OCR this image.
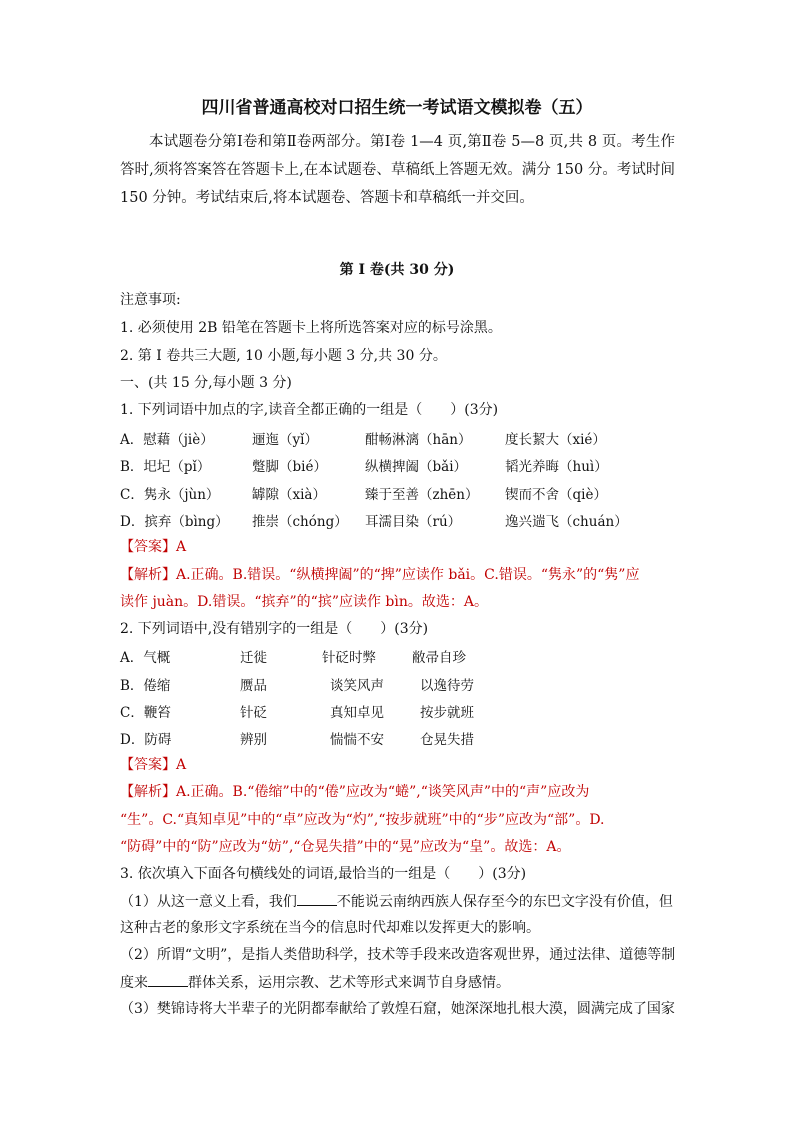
四川省普通高校对口招生统一考试语文模拟卷（五）
本试题卷分第Ⅰ卷和第Ⅱ卷两部分。第Ⅰ卷 1—4 页,第Ⅱ卷 5—8 页,共 8 页。考生作答时,须将答案答在答题卡上,在本试题卷、草稿纸上答题无效。满分 150 分。考试时间 150 分钟。考试结束后,将本试题卷、答题卡和草稿纸一并交回。
第 Ⅰ 卷(共 30 分)
注意事项:
1. 必须使用 2B 铅笔在答题卡上将所选答案对应的标号涂黑。
2. 第 Ⅰ 卷共三大题, 10 小题,每小题 3 分,共 30 分。
一、(共 15 分,每小题 3 分)
1. 下列词语中加点的字,读音全都正确的一组是（　　）(3分)
A．慰藉（jiè）	逦迤（yǐ）	酣畅淋漓（hān） 度长絜大（xié）
B．圯圮（pǐ）	蹩脚（bié）	纵横捭阖（bǎi）	韬光养晦（huì）
C．隽永（jùn） 罅隙（xià）	臻于至善（zhēn） 锲而不舍（qiè）
D．摈弃（bìng） 推崇（chóng） 耳濡目染（rú）	逸兴遄飞（chuán）
【答案】A
【解析】A.正确。B.错误。“纵横捭阖”的“捭”应读作 bǎi。C.错误。“隽永”的“隽”应
读作 juàn。D.错误。“摈弃”的“摈”应读作 bìn。故选：A。
2. 下列词语中,没有错别字的一组是（　　）(3分)
A．气概	迁徙	针砭时弊	敝帚自珍
B．倦缩	赝品	谈笑风声	以逸待劳
C．鞭笞	针砭	真知卓见	按步就班
D．防碍	辨别	惴惴不安	仓晃失措
【答案】A
【解析】A.正确。B.“倦缩”中的“倦”应改为“蜷”,“谈笑风声”中的“声”应改为
“生”。C.“真知卓见”中的“卓”应改为“灼”,“按步就班”中的“步”应改为“部”。D.
“防碍”中的“防”应改为“妨”,“仓晃失措”中的“晃”应改为“皇”。故选：A。
3. 依次填入下面各句横线处的词语,最恰当的一组是（　　）(3分)
（1）从这一意义上看，我们	不能说云南纳西族人保存至今的东巴文字没有价值，但
这种古老的象形文字系统在当今的信息时代却难以发挥更大的影响。
（2）所谓“文明”，是指人类借助科学，技术等手段来改造客观世界，通过法律、道德等制
度来	群体关系，运用宗教、艺术等形式来调节自身感情。
（3）樊锦诗将大半辈子的光阴都奉献给了敦煌石窟，她深深地扎根大漠，圆满完成了国家
